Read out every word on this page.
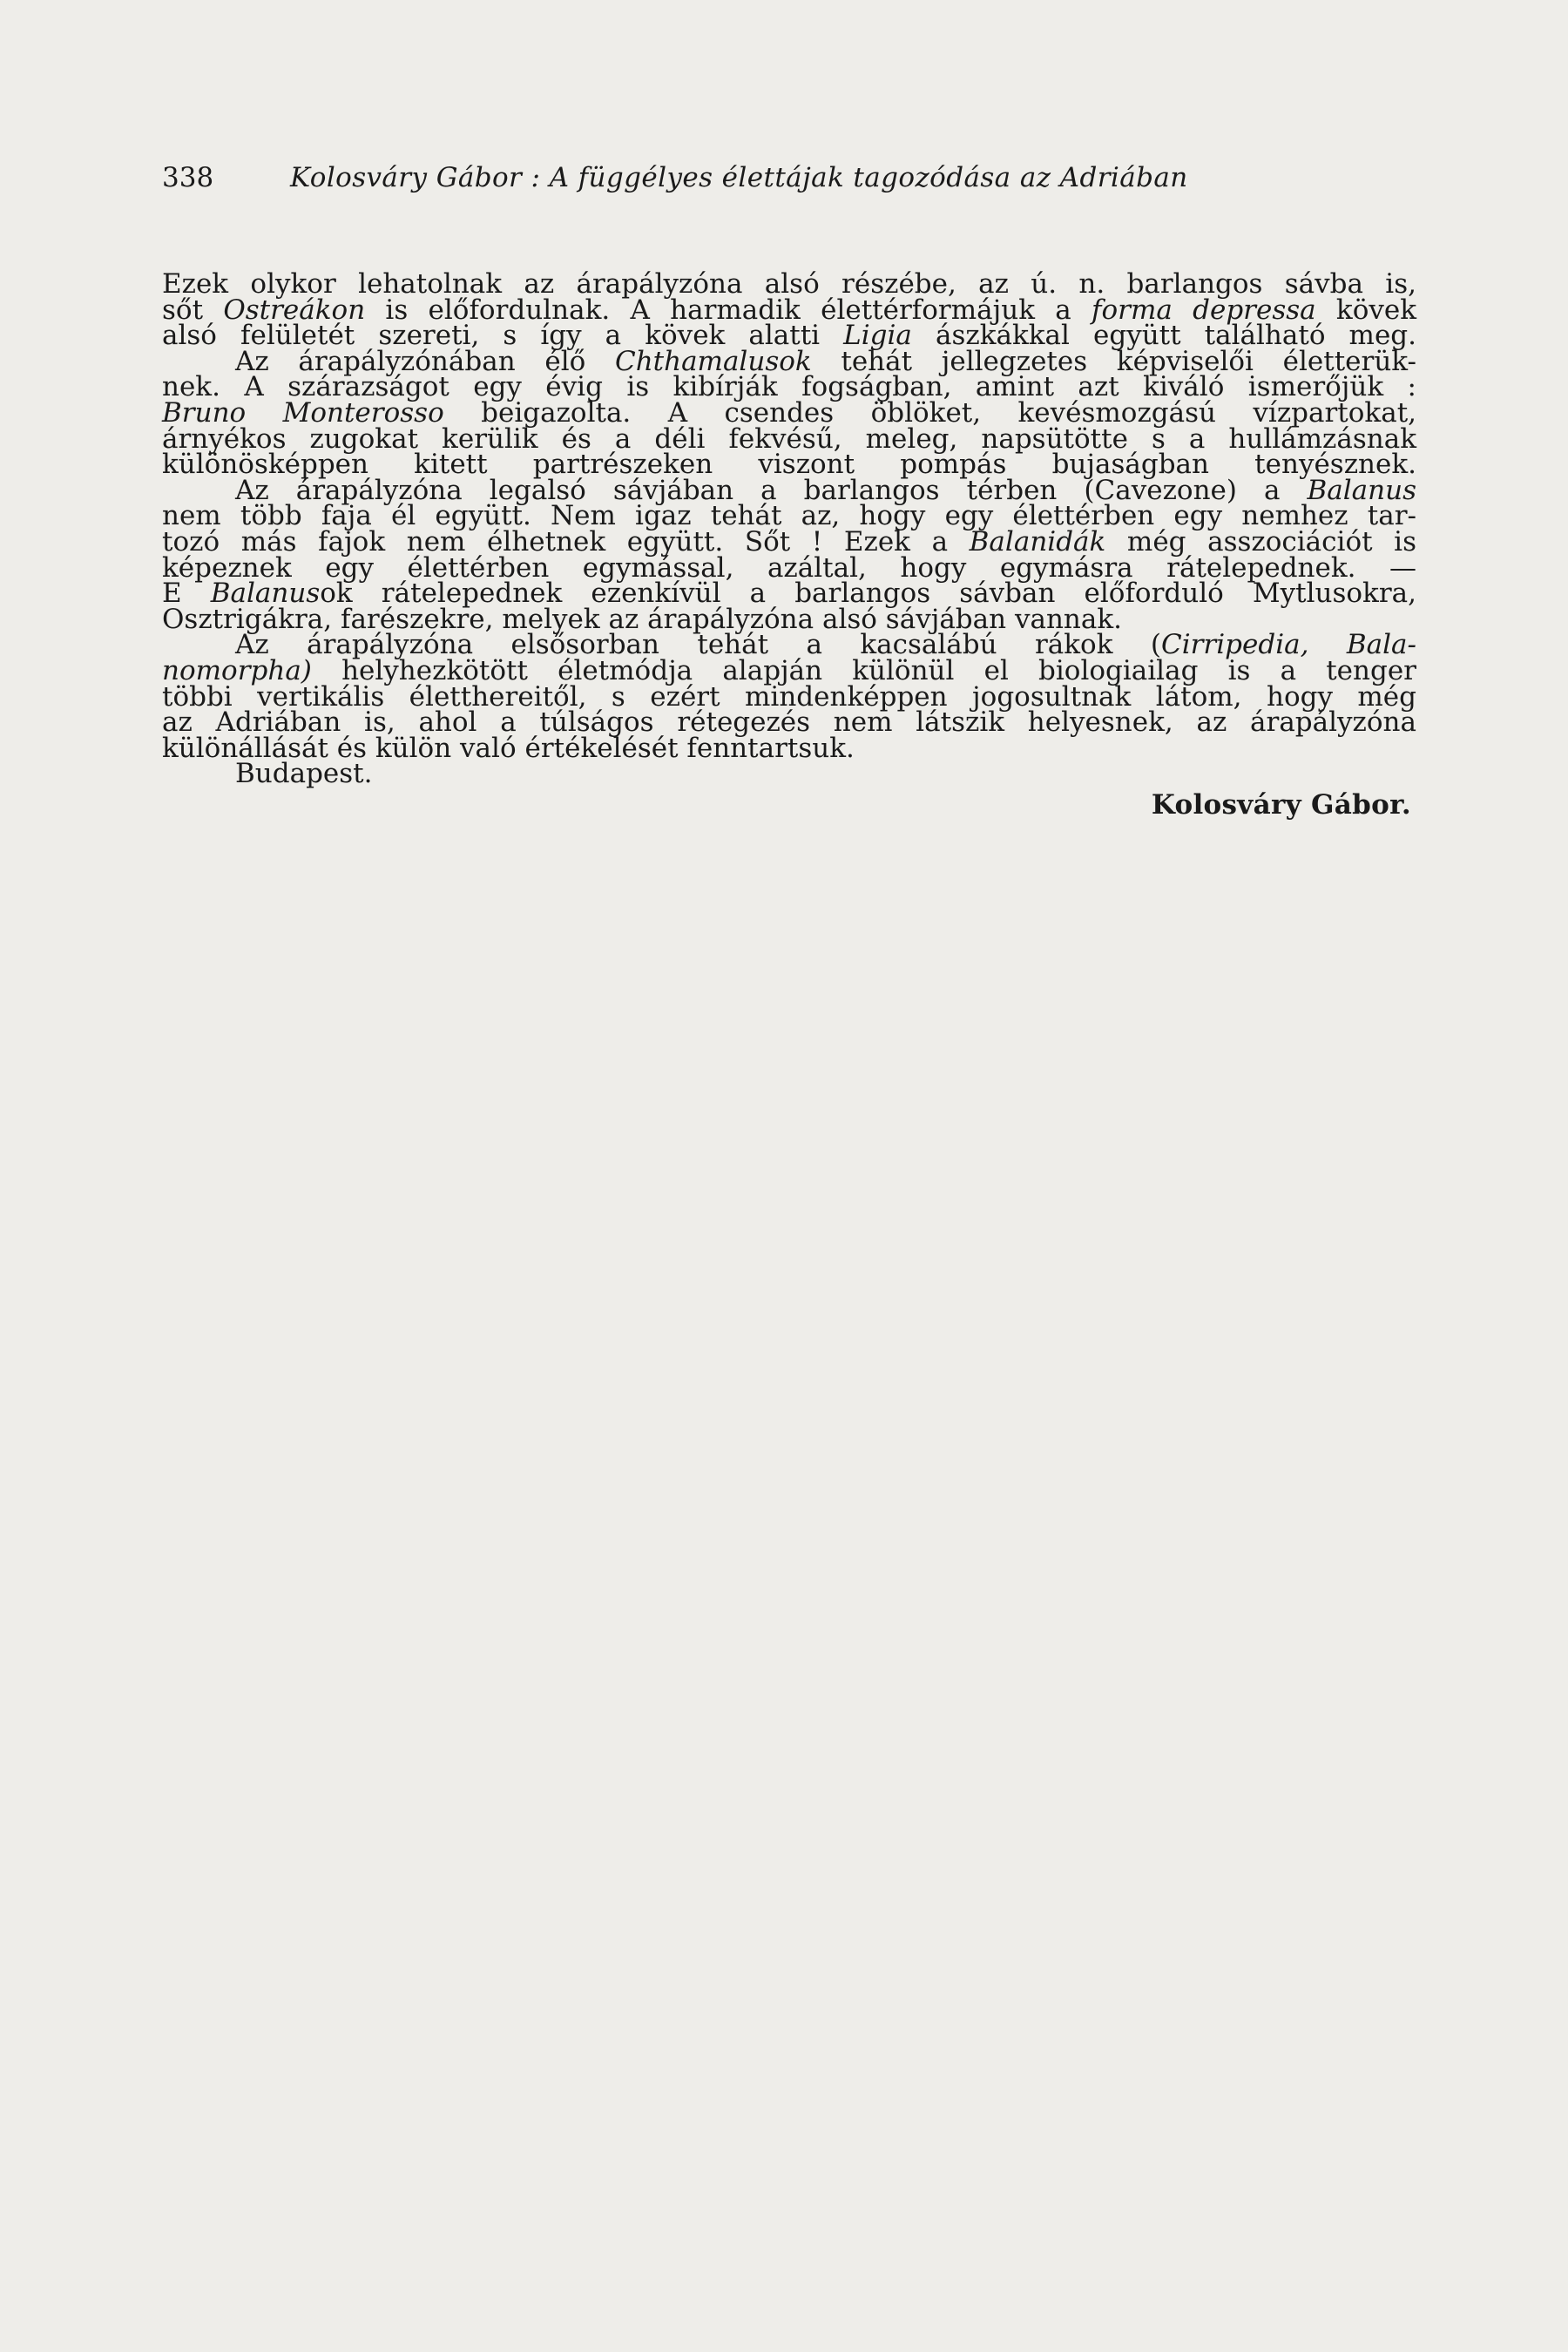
338	Kolosváry Gábor : A függélyes élettájak tagozódása az Adriában
Ezek olykor lehatolnak az árapályzóna alsó részébe, az ú. n. barlangos sávba is,
sőt Ostreákon is előfordulnak. A harmadik élettérformájuk a forma depressa kövek
alsó felületét szereti, s így a kövek alatti Ligia ászkákkal együtt található meg.
Az árapályzónában élő Chthamalusok tehát jellegzetes képviselői életterük-
nek. A szárazságot egy évig is kibírják fogságban, amint azt kiváló ismerőjük :
Bruno Monterosso beigazolta. A csendes öblöket, kevésmozgású vízpartokat,
árnyékos zugokat kerülik és a déli fekvésű, meleg, napsütötte s a hullámzásnak
különösképpen kitett partrészeken viszont pompás bujaságban tenyésznek.
Az árapályzóna legalsó sávjában a barlangos térben (Cavezone) a Balanus
nem több faja él együtt. Nem igaz tehát az, hogy egy élettérben egy nemhez tar-
tozó más fajok nem élhetnek együtt. Sőt ! Ezek a Balanidák még asszociációt is
képeznek egy élettérben egymással, azáltal, hogy egymásra rátelepednek. —
E Balanusok rátelepednek ezenkívül a barlangos sávban előforduló Mytlusokra,
Osztrigákra, farészekre, melyek az árapályzóna alsó sávjában vannak.
Az árapályzóna elsősorban tehát a kacsalábú rákok (Cirripedia, Bala-
nomorpha) helyhezkötött életmódja alapján különül el biologiailag is a tenger
többi vertikális életthereitől, s ezért mindenképpen jogosultnak látom, hogy még
az Adriában is, ahol a túlságos rétegezés nem látszik helyesnek, az árapályzóna
különállását és külön való értékelését fenntartsuk.
Budapest.
Kolosváry Gábor.
